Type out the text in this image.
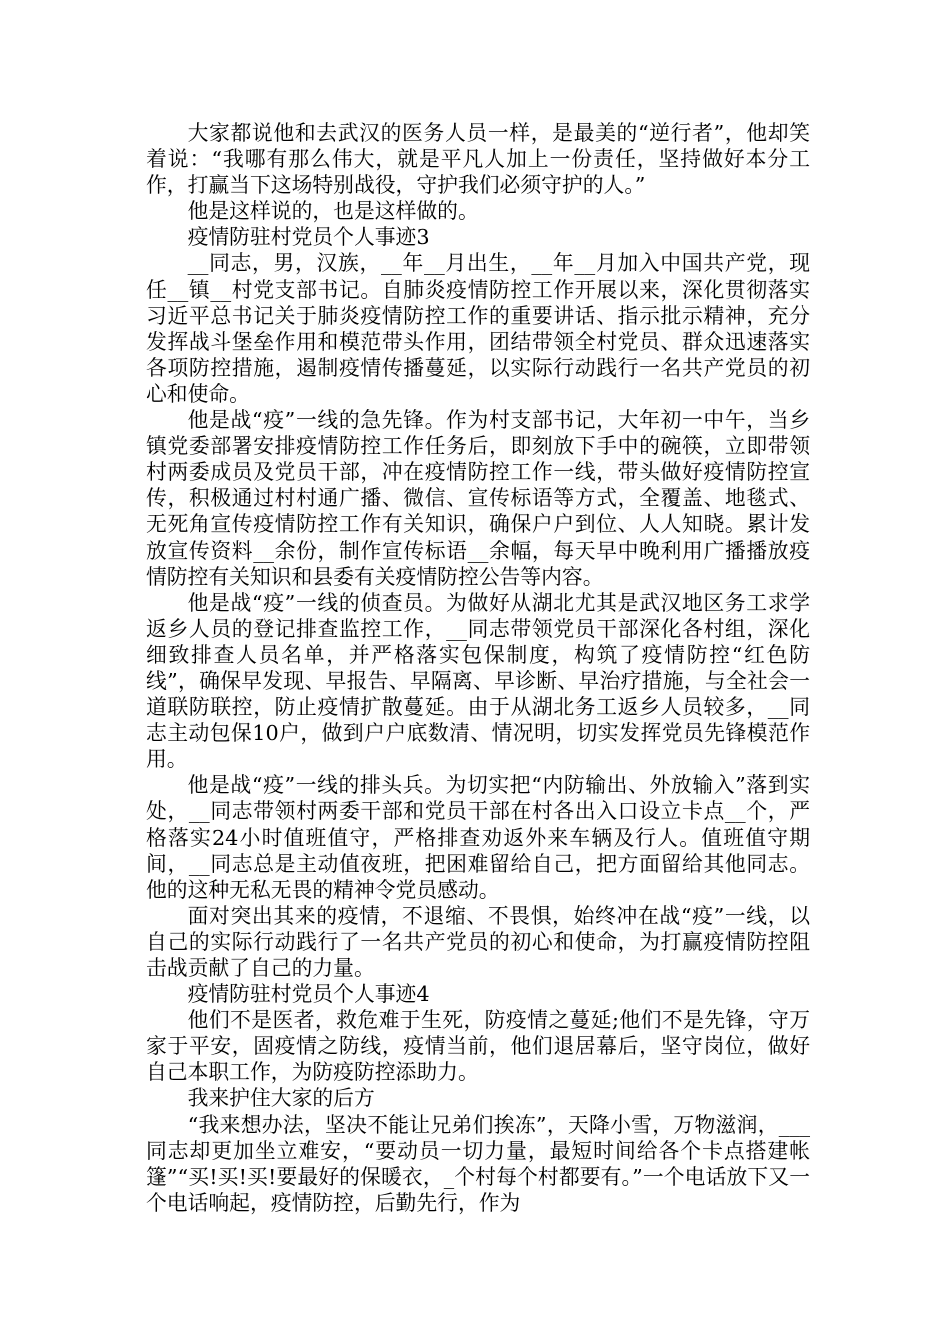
大家都说他和去武汉的医务人员一样，是最美的“逆行者”，他却笑着说：“我哪有那么伟大，就是平凡人加上一份责任，坚持做好本分工作，打赢当下这场特别战役，守护我们必须守护的人。”

他是这样说的，也是这样做的。

疫情防驻村党员个人事迹3

__同志，男，汉族，__年__月出生，__年__月加入中国共产党，现任__镇__村党支部书记。自肺炎疫情防控工作开展以来，深化贯彻落实习近平总书记关于肺炎疫情防控工作的重要讲话、指示批示精神，充分发挥战斗堡垒作用和模范带头作用，团结带领全村党员、群众迅速落实各项防控措施，遏制疫情传播蔓延，以实际行动践行一名共产党员的初心和使命。

他是战“疫”一线的急先锋。作为村支部书记，大年初一中午，当乡镇党委部署安排疫情防控工作任务后，即刻放下手中的碗筷，立即带领村两委成员及党员干部，冲在疫情防控工作一线，带头做好疫情防控宣传，积极通过村村通广播、微信、宣传标语等方式，全覆盖、地毯式、无死角宣传疫情防控工作有关知识，确保户户到位、人人知晓。累计发放宣传资料__余份，制作宣传标语__余幅，每天早中晚利用广播播放疫情防控有关知识和县委有关疫情防控公告等内容。

他是战“疫”一线的侦查员。为做好从湖北尤其是武汉地区务工求学返乡人员的登记排查监控工作，__同志带领党员干部深化各村组，深化细致排查人员名单，并严格落实包保制度，构筑了疫情防控“红色防线”，确保早发现、早报告、早隔离、早诊断、早治疗措施，与全社会一道联防联控，防止疫情扩散蔓延。由于从湖北务工返乡人员较多，__同志主动包保10户，做到户户底数清、情况明，切实发挥党员先锋模范作用。

他是战“疫”一线的排头兵。为切实把“内防输出、外放输入”落到实处，__同志带领村两委干部和党员干部在村各出入口设立卡点__个，严格落实24小时值班值守，严格排查劝返外来车辆及行人。值班值守期间，__同志总是主动值夜班，把困难留给自己，把方面留给其他同志。他的这种无私无畏的精神令党员感动。

面对突出其来的疫情，不退缩、不畏惧，始终冲在战“疫”一线，以自己的实际行动践行了一名共产党员的初心和使命，为打赢疫情防控阻击战贡献了自己的力量。

疫情防驻村党员个人事迹4

他们不是医者，救危难于生死，防疫情之蔓延;他们不是先锋，守万家于平安，固疫情之防线，疫情当前，他们退居幕后，坚守岗位，做好自己本职工作，为防疫防控添助力。

我来护住大家的后方

“我来想办法，坚决不能让兄弟们挨冻”，天降小雪，万物滋润，___同志却更加坐立难安，“要动员一切力量，最短时间给各个卡点搭建帐篷”“买!买!买!要最好的保暖衣，_个村每个村都要有。”一个电话放下又一个电话响起，疫情防控，后勤先行，作为
